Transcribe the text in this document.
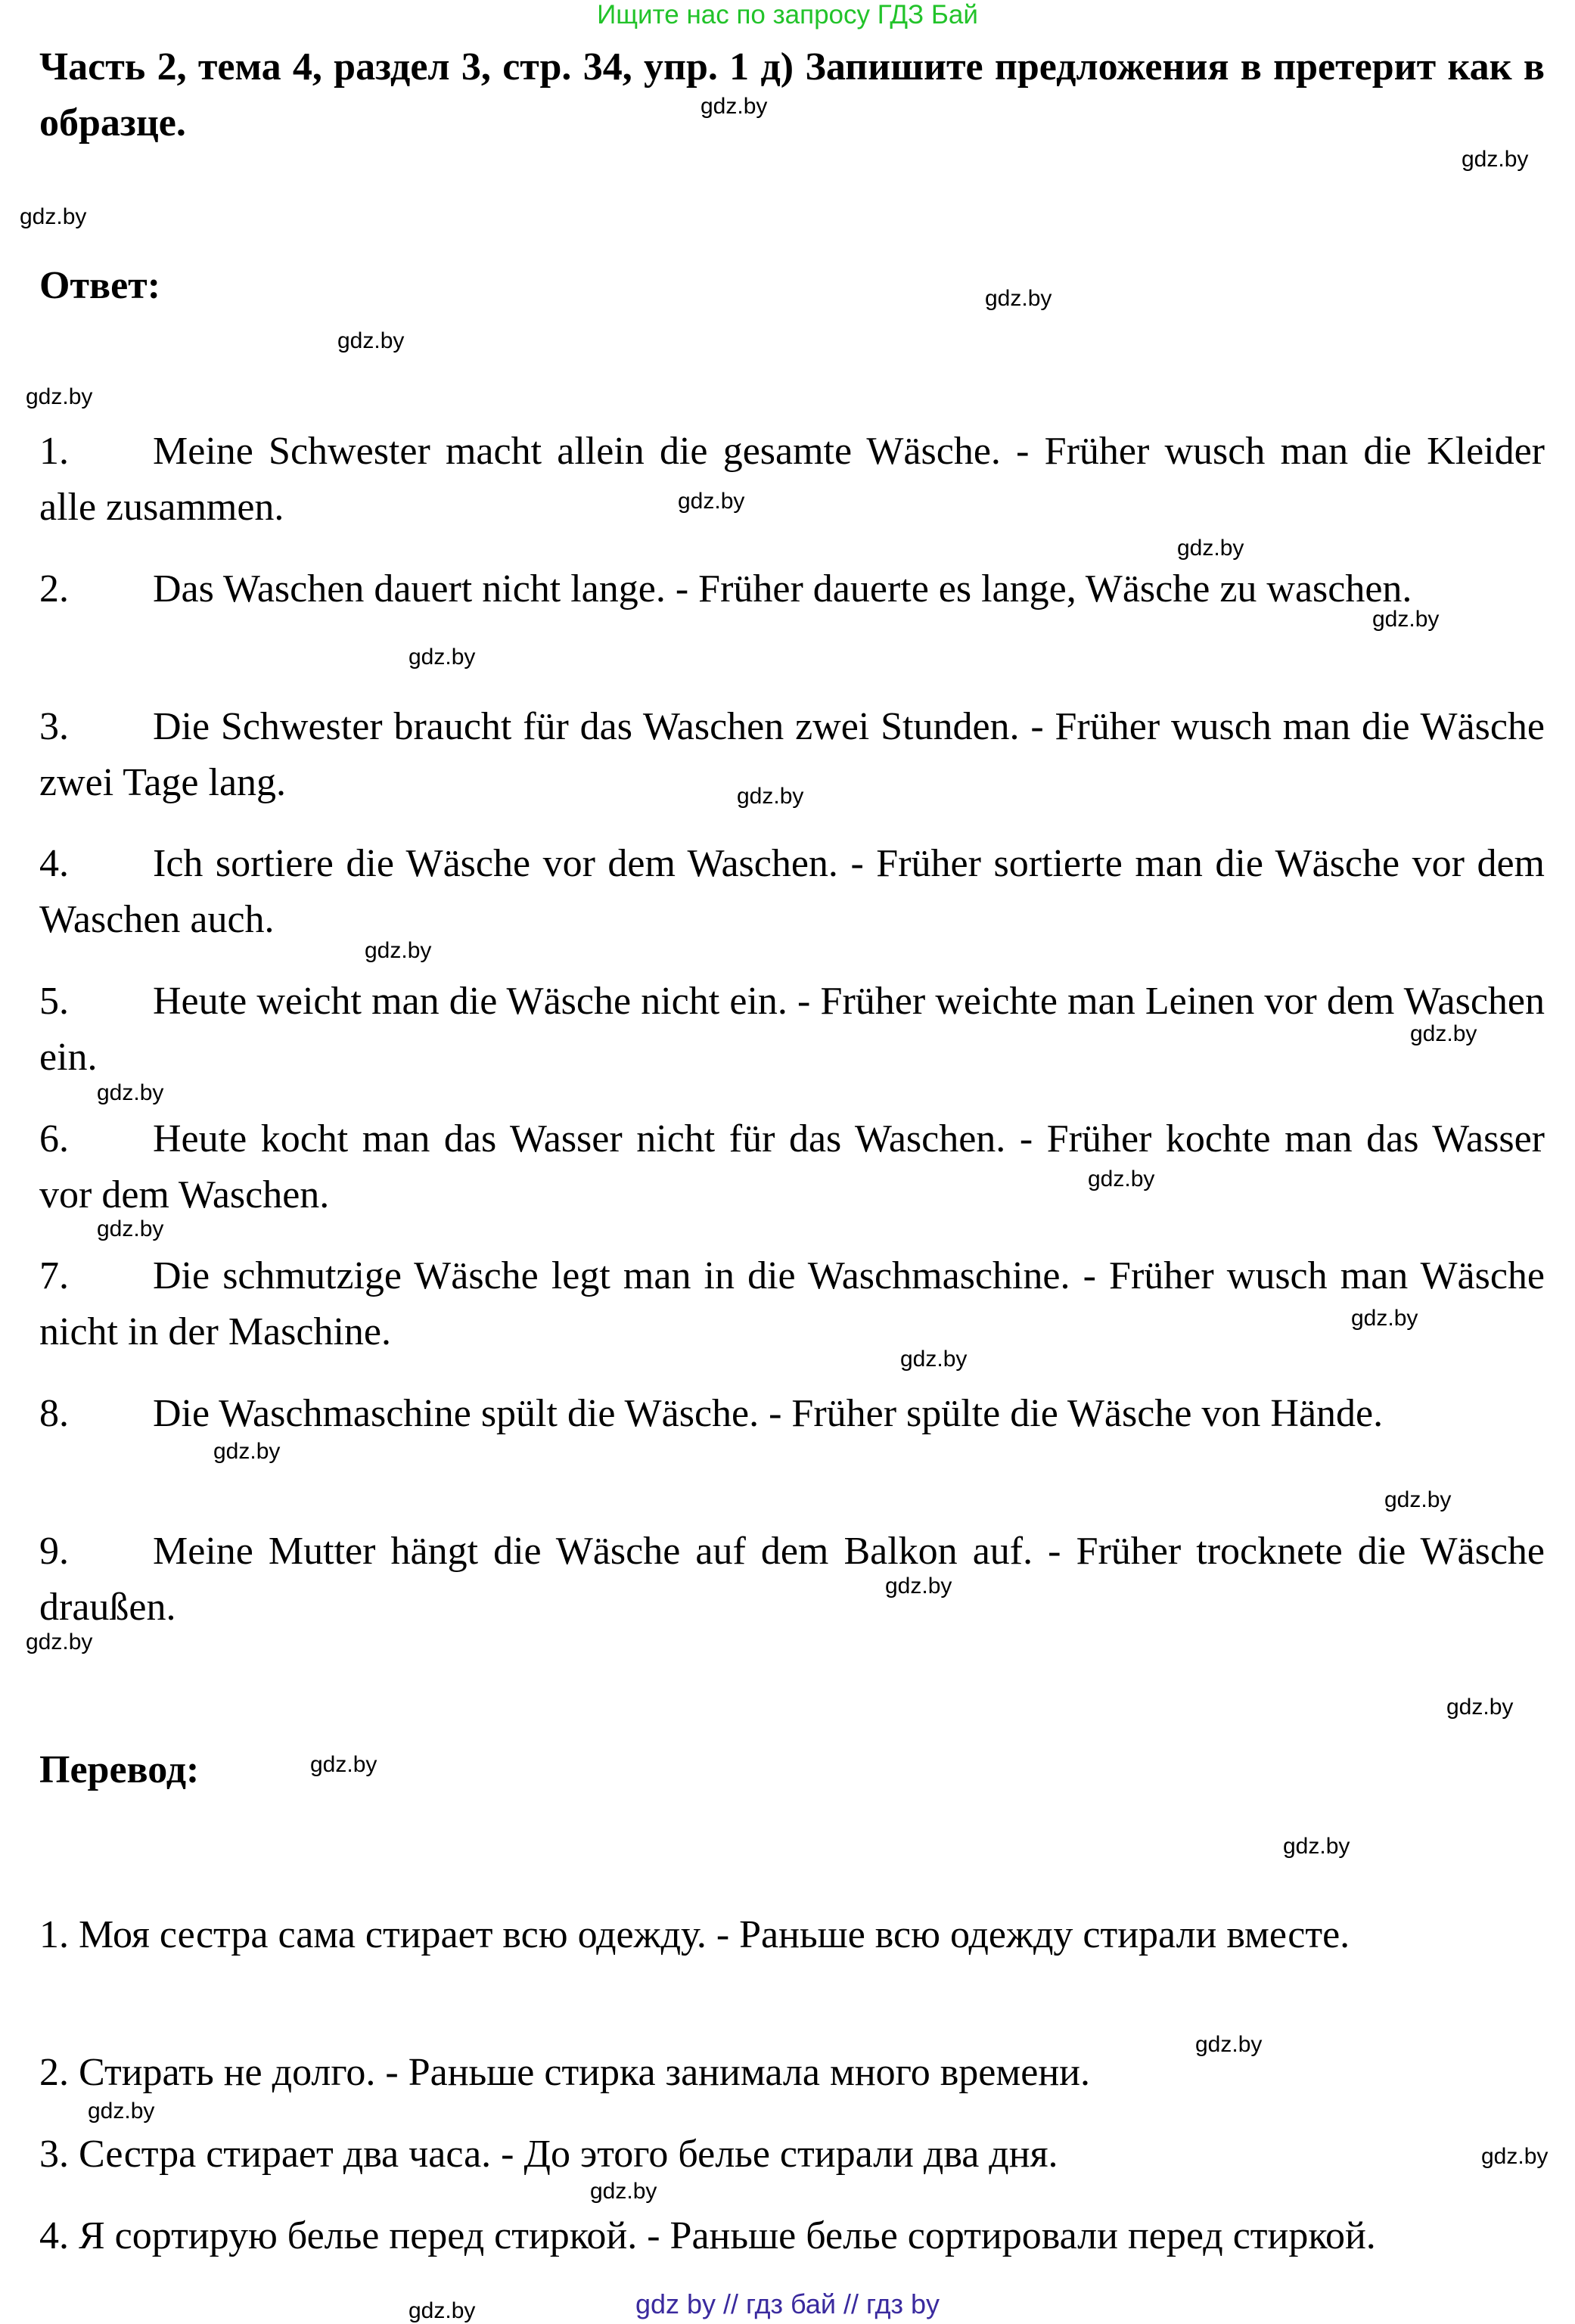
Ищите нас по запросу ГДЗ Бай
Часть 2, тема 4, раздел 3, стр. 34, упр. 1 д) Запишите предложения в претерит как в образце.
Ответ:
1. Meine Schwester macht allein die gesamte Wäsche. - Früher wusch man die Kleider alle zusammen.
2. Das Waschen dauert nicht lange. - Früher dauerte es lange, Wäsche zu waschen.
3. Die Schwester braucht für das Waschen zwei Stunden. - Früher wusch man die Wäsche zwei Tage lang.
4. Ich sortiere die Wäsche vor dem Waschen. - Früher sortierte man die Wäsche vor dem Waschen auch.
5. Heute weicht man die Wäsche nicht ein. - Früher weichte man Leinen vor dem Waschen ein.
6. Heute kocht man das Wasser nicht für das Waschen. - Früher kochte man das Wasser vor dem Waschen.
7. Die schmutzige Wäsche legt man in die Waschmaschine. - Früher wusch man Wäsche nicht in der Maschine.
8. Die Waschmaschine spült die Wäsche. - Früher spülte die Wäsche von Hände.
9. Meine Mutter hängt die Wäsche auf dem Balkon auf. - Früher trocknete die Wäsche draußen.
Перевод:
1. Моя сестра сама стирает всю одежду. - Раньше всю одежду стирали вместе.
2. Стирать не долго. - Раньше стирка занимала много времени.
3. Сестра стирает два часа. - До этого белье стирали два дня.
4. Я сортирую белье перед стиркой. - Раньше белье сортировали перед стиркой.
gdz.by
gdz.by
gdz.by
gdz.by
gdz.by
gdz.by
gdz.by
gdz.by
gdz.by
gdz.by
gdz.by
gdz.by
gdz.by
gdz.by
gdz.by
gdz.by
gdz.by
gdz.by
gdz.by
gdz.by
gdz.by
gdz.by
gdz.by
gdz.by
gdz.by
gdz.by
gdz.by
gdz.by
gdz.by
gdz.by	gdz by // гдз бай // гдз by
